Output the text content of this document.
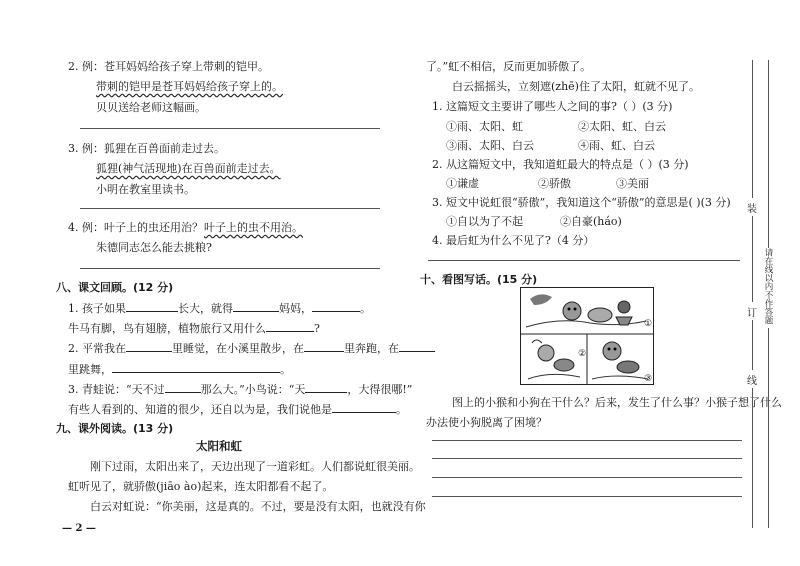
2. 例：苍耳妈妈给孩子穿上带刺的铠甲。
带刺的铠甲是苍耳妈妈给孩子穿上的。
贝贝送给老师这幅画。
3. 例：狐狸在百兽面前走过去。
狐狸(神气活现地)在百兽面前走过去。
小明在教室里读书。
4. 例：叶子上的虫还用治？ 叶子上的虫不用治。
朱德同志怎么能去挑粮?
八、课文回顾。(12 分)
1. 孩子如果	长大，就得	妈妈，	。
牛马有脚，鸟有翅膀，植物旅行又用什么	?
2. 平常我在	里睡觉，在小溪里散步，在	里奔跑，在
里跳舞，	。
3. 青蛙说：“天不过	那么大。”小鸟说：“天	，大得很哪!”
有些人看到的、知道的很少，还自以为是，我们说他是	。
九、课外阅读。(13 分)
太阳和虹
刚下过雨，太阳出来了，天边出现了一道彩虹。人们都说虹很美丽。
虹听见了，就骄傲(jiāo ào)起来，连太阳都看不起了。
白云对虹说：“你美丽，这是真的。不过，要是没有太阳，也就没有你
— 2 —
了。”虹不相信，反而更加骄傲了。
白云摇摇头，立刻遮(zhē)住了太阳，虹就不见了。
1. 这篇短文主要讲了哪些人之间的事?（ ）(3 分)
①雨、太阳、虹	②太阳、虹、白云
③雨、太阳、白云	④雨、虹、白云
2. 从这篇短文中，我知道虹最大的特点是（ ）(3 分)
①谦虚	②骄傲	③美丽
3. 短文中说虹很“骄傲”，我知道这个“骄傲”的意思是( )(3 分)
①自以为了不起	②自豪(háo)
4. 最后虹为什么不见了?（4 分）
十、看图写话。(15 分)
①
②
③
图上的小猴和小狗在干什么？后来，发生了什么事？小猴子想了什么
办法使小狗脱离了困境？
装
订
线
请在线以内不作答题
